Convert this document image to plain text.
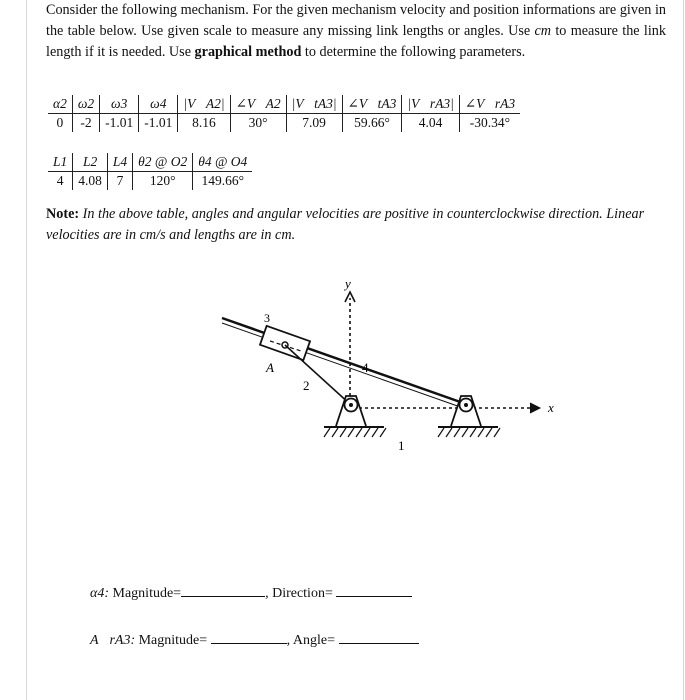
Consider the following mechanism. For the given mechanism velocity and position informations are given in the table below. Use given scale to measure any missing link lengths or angles. Use cm to measure the link length if it is needed. Use graphical method to determine the following parameters.
α2	ω2	ω3	ω4	|V⃗A2|	∠V⃗A2	|V⃗tA3|	∠V⃗tA3	|V⃗rA3|	∠V⃗rA3
0	-2	-1.01	-1.01	8.16	30°	7.09	59.66°	4.04	-30.34°
L1	L2	L4	θ2 @ O2	θ4 @ O4
4	4.08	7	120°	149.66°
Note: In the above table, angles and angular velocities are positive in counterclockwise direction. Linear velocities are in cm/s and lengths are in cm.
y
x
3
A
2
4
1
α4: Magnitude=	, Direction=
A⃗rA3: Magnitude=	, Angle=
